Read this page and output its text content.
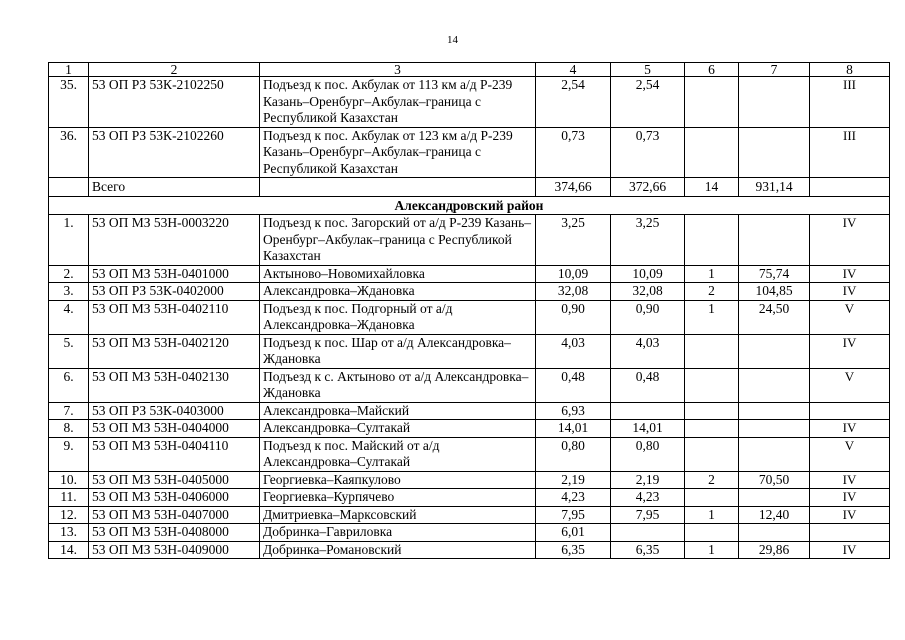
14
1	2	3	4	5	6	7	8
35.	53 ОП РЗ 53К-2102250	Подъезд к пос. Акбулак от 113 км а/д Р-239 Казань–Оренбург–Акбулак–граница с Республикой Казахстан	2,54	2,54			III
36.	53 ОП РЗ 53К-2102260	Подъезд к пос. Акбулак от 123 км а/д Р-239 Казань–Оренбург–Акбулак–граница с Республикой Казахстан	0,73	0,73			III
	Всего		374,66	372,66	14	931,14	
Александровский район							
1.	53 ОП МЗ 53Н-0003220	Подъезд к пос. Загорский от а/д Р-239 Казань–Оренбург–Акбулак–граница с Республикой Казахстан	3,25	3,25			IV
2.	53 ОП МЗ 53Н-0401000	Актыново–Новомихайловка	10,09	10,09	1	75,74	IV
3.	53 ОП РЗ 53К-0402000	Александровка–Ждановка	32,08	32,08	2	104,85	IV
4.	53 ОП МЗ 53Н-0402110	Подъезд к пос. Подгорный от а/д Александровка–Ждановка	0,90	0,90	1	24,50	V
5.	53 ОП МЗ 53Н-0402120	Подъезд к пос. Шар от а/д Александровка–Ждановка	4,03	4,03			IV
6.	53 ОП МЗ 53Н-0402130	Подъезд к с. Актыново от а/д Александровка–Ждановка	0,48	0,48			V
7.	53 ОП РЗ 53К-0403000	Александровка–Майский	6,93				
8.	53 ОП МЗ 53Н-0404000	Александровка–Султакай	14,01	14,01			IV
9.	53 ОП МЗ 53Н-0404110	Подъезд к пос. Майский от а/д Александровка–Султакай	0,80	0,80			V
10.	53 ОП МЗ 53Н-0405000	Георгиевка–Каяпкулово	2,19	2,19	2	70,50	IV
11.	53 ОП МЗ 53Н-0406000	Георгиевка–Курпячево	4,23	4,23			IV
12.	53 ОП МЗ 53Н-0407000	Дмитриевка–Марксовский	7,95	7,95	1	12,40	IV
13.	53 ОП МЗ 53Н-0408000	Добринка–Гавриловка	6,01				
14.	53 ОП МЗ 53Н-0409000	Добринка–Романовский	6,35	6,35	1	29,86	IV
